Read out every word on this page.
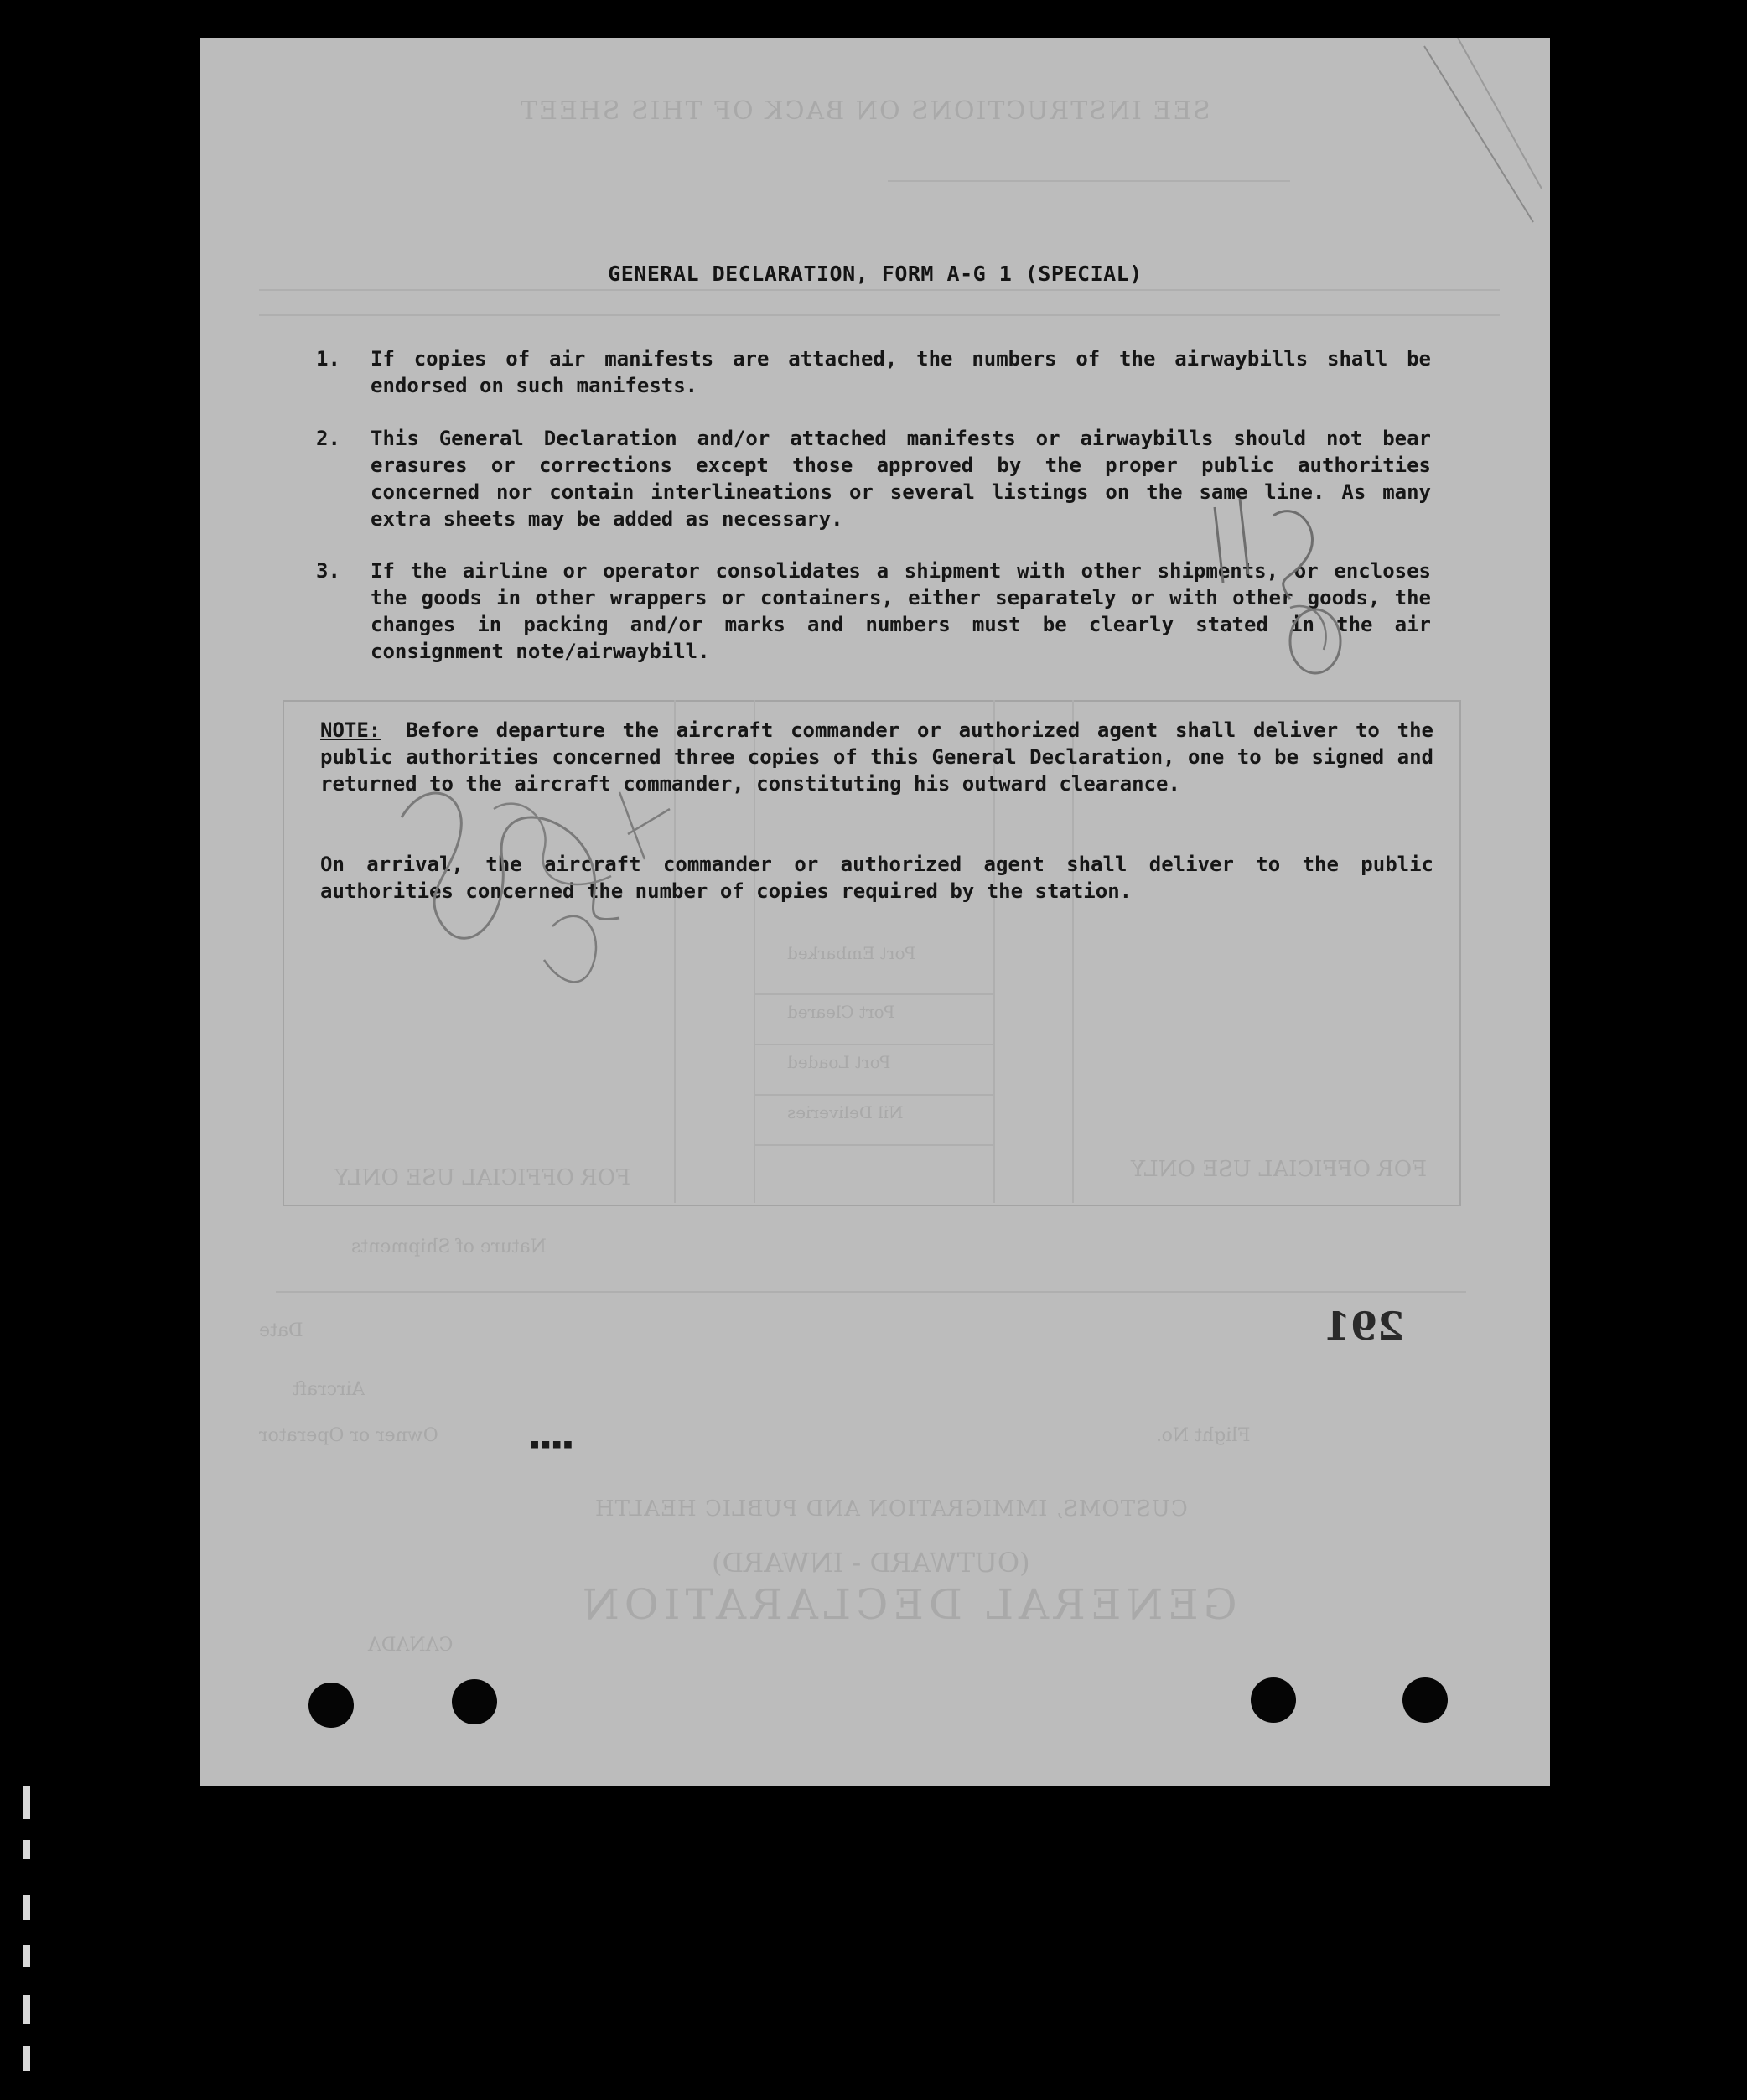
SEE INSTRUCTIONS ON BACK OF THIS SHEET
FOR OFFICIAL USE ONLY	FOR OFFICIAL USE ONLY
Port Cleared
Port Loaded
Nil Deliveries
Port Embarked
Nature of Shipments
Date
Aircraft
Owner or Operator	Flight No.
CUSTOMS, IMMIGRATION AND PUBLIC HEALTH
(OUTWARD - INWARD)
GENERAL DECLARATION
CANADA
GENERAL DECLARATION, FORM A-G 1 (SPECIAL)
1.	If copies of air manifests are attached, the numbers of the airwaybills shall be endorsed on such manifests.
2.	This General Declaration and/or attached manifests or airwaybills should not bear erasures or corrections except those approved by the proper public authorities concerned nor contain interlineations or several listings on the same line. As many extra sheets may be added as necessary.
3.	If the airline or operator consolidates a shipment with other shipments, or encloses the goods in other wrappers or containers, either separately or with other goods, the changes in packing and/or marks and numbers must be clearly stated in the air consignment note/airwaybill.
NOTE: Before departure the aircraft commander or authorized agent shall deliver to the public authorities concerned three copies of this General Declaration, one to be signed and returned to the aircraft commander, constituting his outward clearance.
On arrival, the aircraft commander or authorized agent shall deliver to the public authorities concerned the number of copies required by the station.
▪▪▪▪
291
